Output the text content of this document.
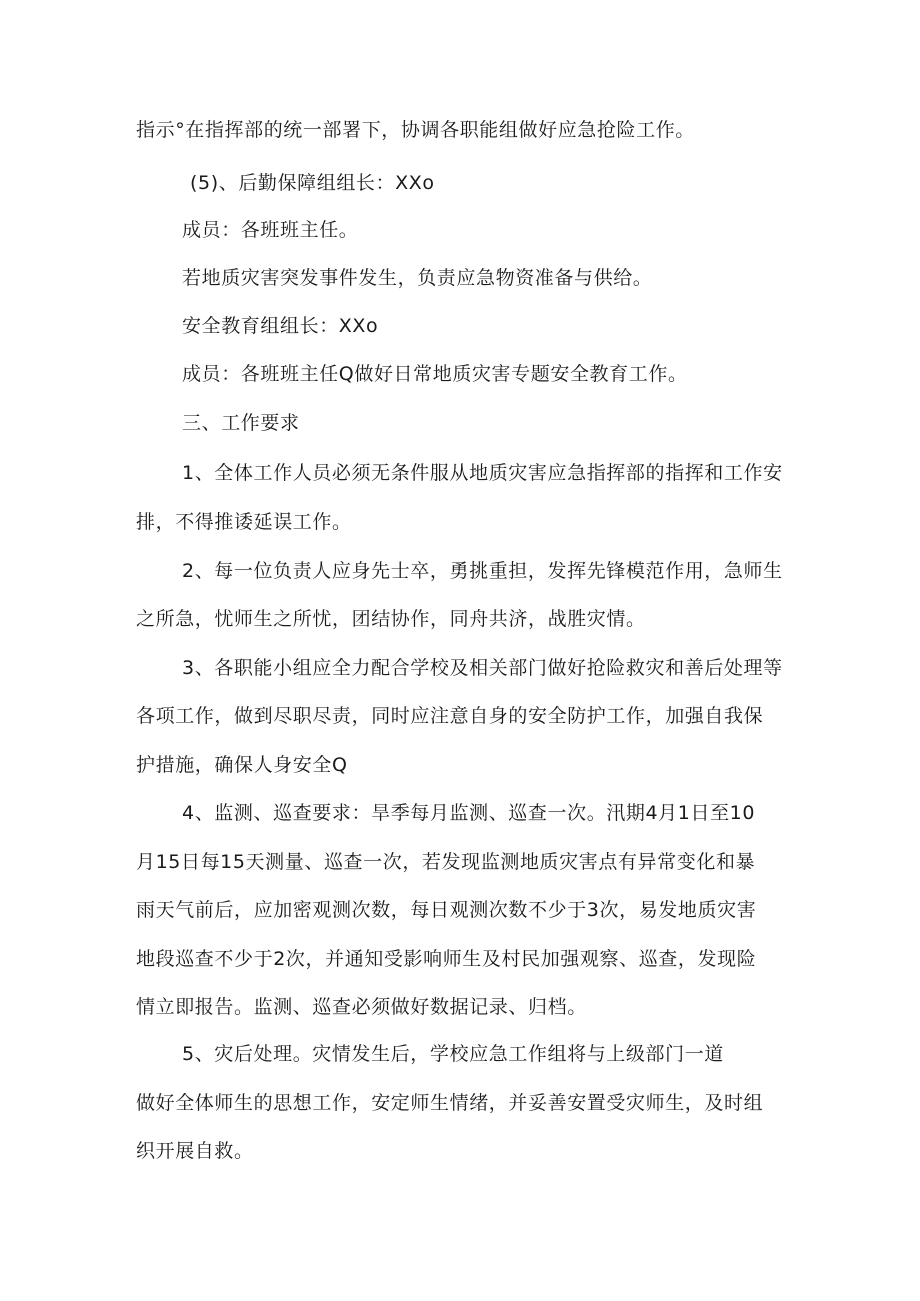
指示°在指挥部的统一部署下，协调各职能组做好应急抢险工作。
(5)、后勤保障组组长：XXo
成员：各班班主任。
若地质灾害突发事件发生，负责应急物资准备与供给。
安全教育组组长：XXo
成员：各班班主任Q做好日常地质灾害专题安全教育工作。
三、工作要求
1、全体工作人员必须无条件服从地质灾害应急指挥部的指挥和工作安
排，不得推诿延误工作。
2、每一位负责人应身先士卒，勇挑重担，发挥先锋模范作用，急师生
之所急，忧师生之所忧，团结协作，同舟共济，战胜灾情。
3、各职能小组应全力配合学校及相关部门做好抢险救灾和善后处理等
各项工作，做到尽职尽责，同时应注意自身的安全防护工作，加强自我保
护措施，确保人身安全Q
4、监测、巡查要求：旱季每月监测、巡查一次。汛期4月1日至10
月15日每15天测量、巡查一次，若发现监测地质灾害点有异常变化和暴
雨天气前后，应加密观测次数，每日观测次数不少于3次，易发地质灾害
地段巡查不少于2次，并通知受影响师生及村民加强观察、巡查，发现险
情立即报告。监测、巡查必须做好数据记录、归档。
5、灾后处理。灾情发生后，学校应急工作组将与上级部门一道
做好全体师生的思想工作，安定师生情绪，并妥善安置受灾师生，及时组
织开展自救。
